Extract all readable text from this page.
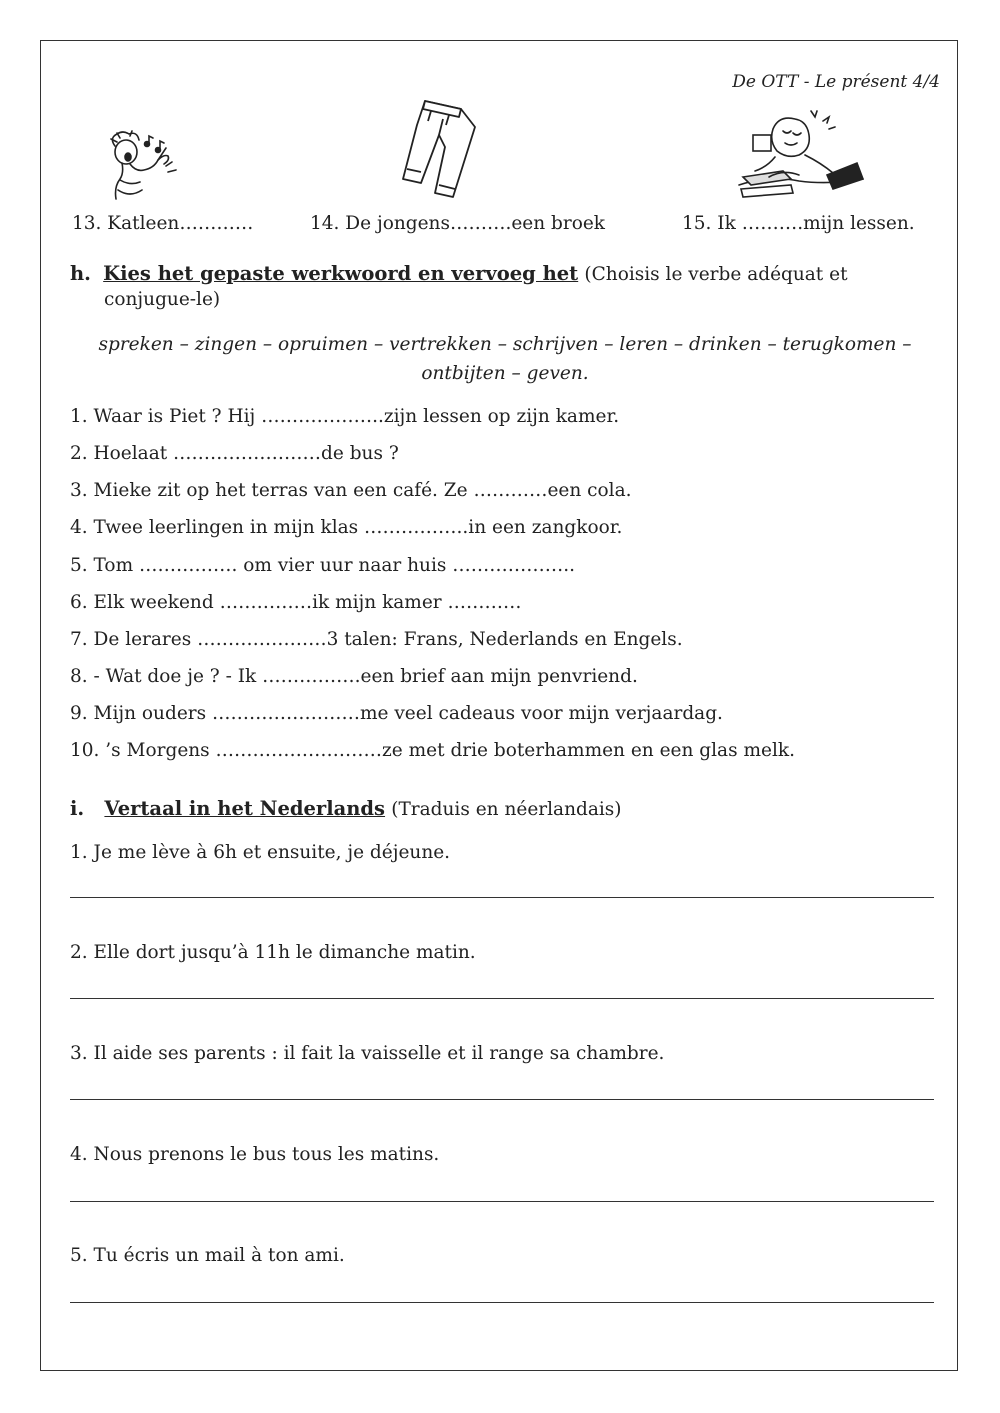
De OTT - Le présent 4/4
13. Katleen…………	14. De jongens……….een broek	15. Ik ……….mijn lessen.
h. Kies het gepaste werkwoord en vervoeg het (Choisis le verbe adéquat et
conjugue-le)
spreken – zingen – opruimen – vertrekken – schrijven – leren – drinken – terugkomen – ontbijten – geven.
1. Waar is Piet ? Hij ………………..zijn lessen op zijn kamer.
2. Hoelaat ……………………de bus ?
3. Mieke zit op het terras van een café. Ze …………een cola.
4. Twee leerlingen in mijn klas ……………..in een zangkoor.
5. Tom ……………. om vier uur naar huis ………………..
6. Elk weekend ……………ik mijn kamer …………
7. De lerares …………………3 talen: Frans, Nederlands en Engels.
8. - Wat doe je ? - Ik …………….een brief aan mijn penvriend.
9. Mijn ouders ……………………me veel cadeaus voor mijn verjaardag.
10. ’s Morgens ………………………ze met drie boterhammen en een glas melk.
i. Vertaal in het Nederlands (Traduis en néerlandais)
1. Je me lève à 6h et ensuite, je déjeune.
2. Elle dort jusqu’à 11h le dimanche matin.
3. Il aide ses parents : il fait la vaisselle et il range sa chambre.
4. Nous prenons le bus tous les matins.
5. Tu écris un mail à ton ami.
